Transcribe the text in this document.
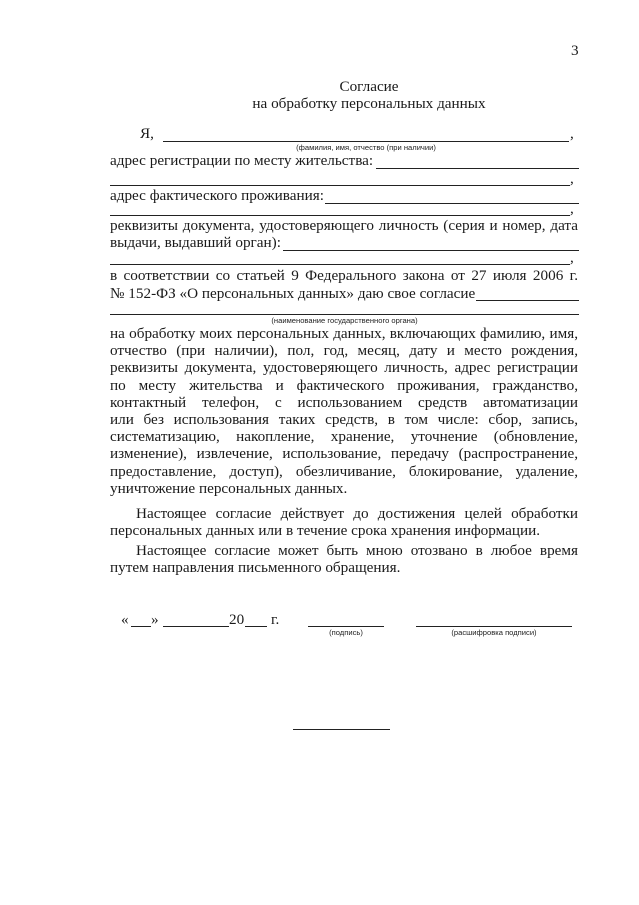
3
Согласие
на обработку персональных данных
Я,	,
(фамилия, имя, отчество (при наличии)
адрес регистрации по месту жительства:
,
адрес фактического проживания:
,
реквизиты документа, удостоверяющего личность (серия и номер, дата
выдачи, выдавший орган):
,
в соответствии со статьей 9 Федерального закона от 27 июля 2006 г.
№ 152-ФЗ «О персональных данных» даю свое согласие
(наименование государственного органа)
на обработку моих персональных данных, включающих фамилию, имя,
отчество (при наличии), пол, год, месяц, дату и место рождения,
реквизиты документа, удостоверяющего личность, адрес регистрации
по месту жительства и фактического проживания, гражданство,
контактный телефон, с использованием средств автоматизации
или без использования таких средств, в том числе: сбор, запись,
систематизацию, накопление, хранение, уточнение (обновление,
изменение), извлечение, использование, передачу (распространение,
предоставление, доступ), обезличивание, блокирование, удаление,
уничтожение персональных данных.
Настоящее согласие действует до достижения целей обработки
персональных данных или в течение срока хранения информации.
Настоящее согласие может быть мною отозвано в любое время
путем направления письменного обращения.
« »	20 г.
(подпись)	(расшифровка подписи)
